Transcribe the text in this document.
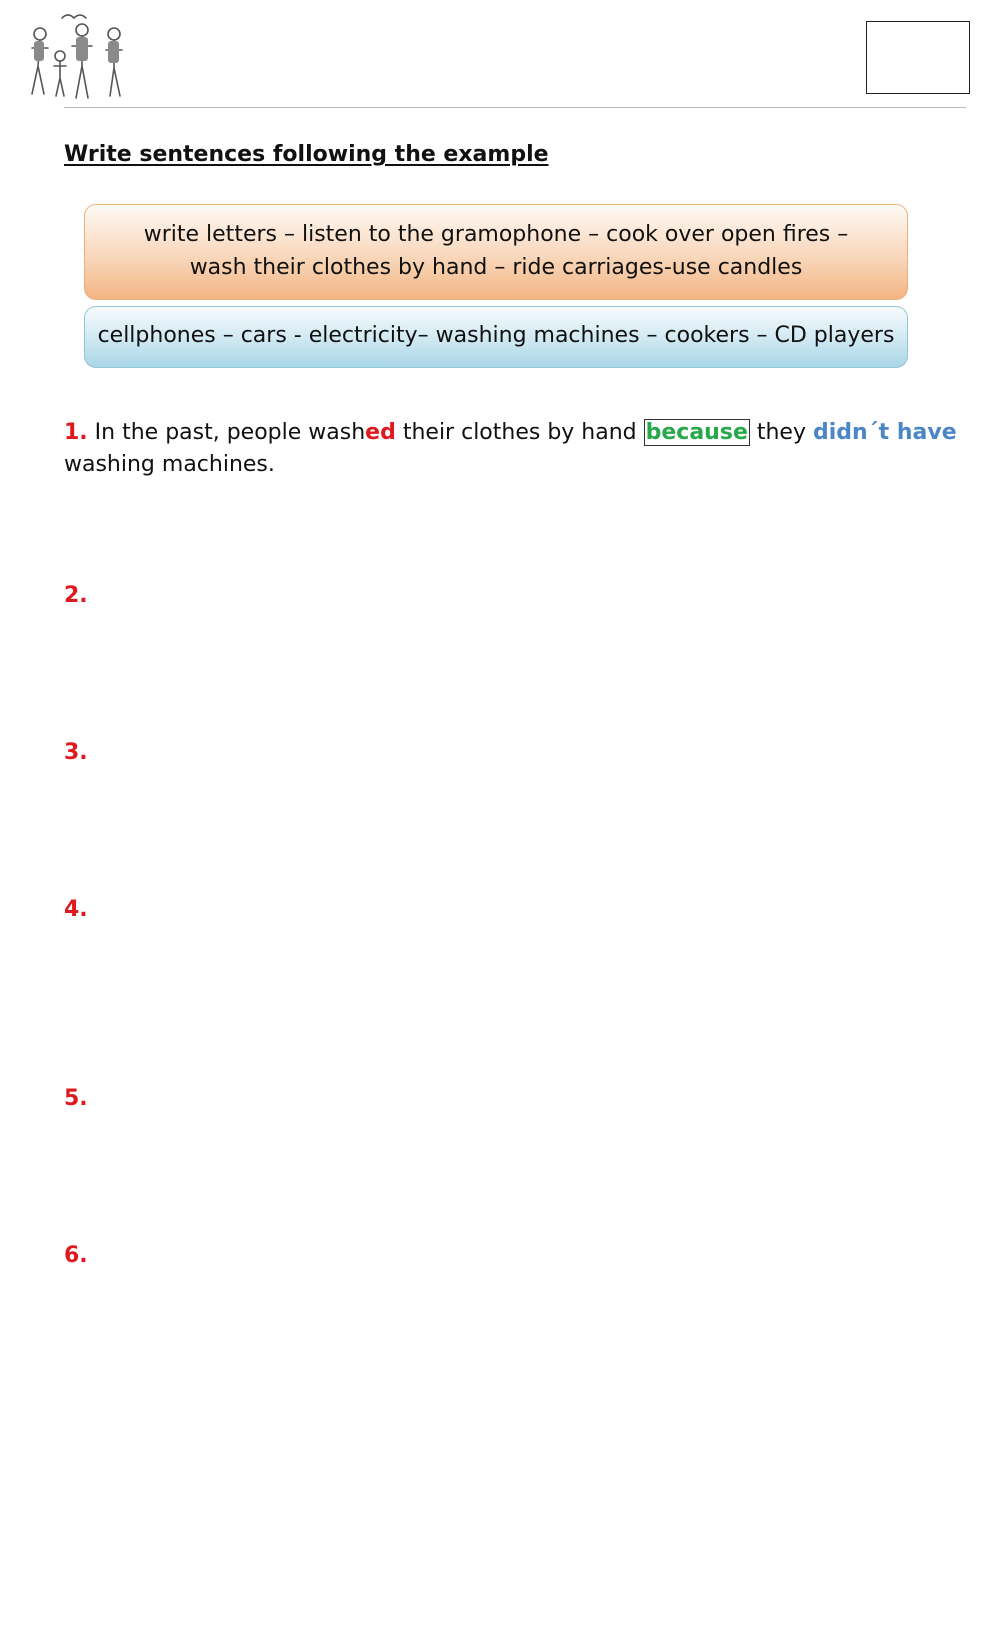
Write sentences following the example
write letters – listen to the gramophone – cook over open fires –
wash their clothes by hand – ride carriages-use candles
cellphones – cars - electricity– washing machines – cookers – CD players
1. In the past, people washed their clothes by hand because they didn´t have
washing machines.
2.
3.
4.
5.
6.
